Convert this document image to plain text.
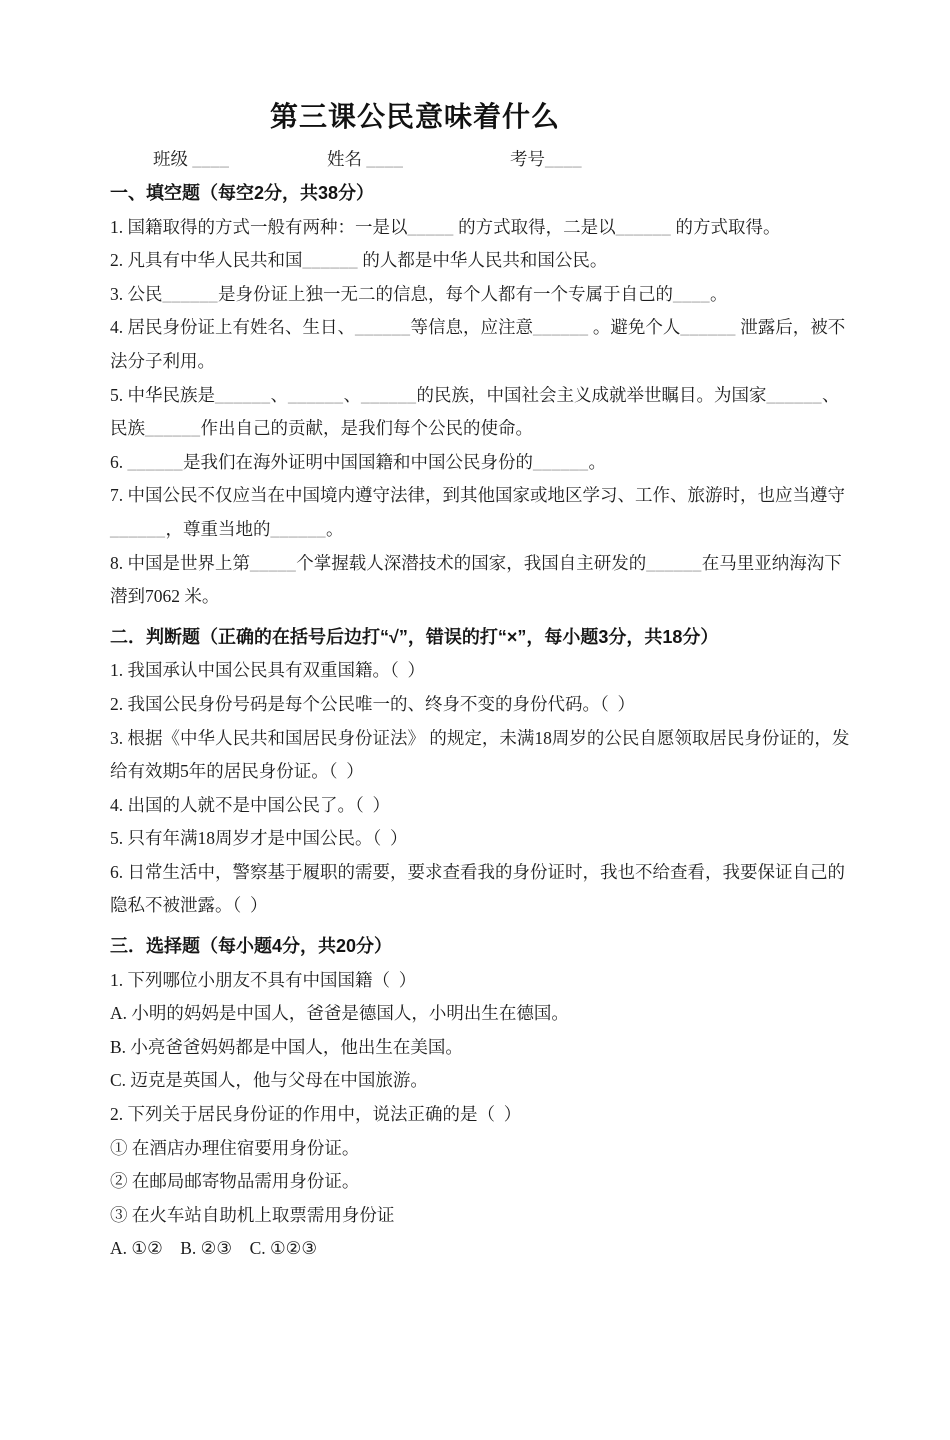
第三课公民意味着什么
班级 ____	姓名 ____	考号____
一、填空题（每空2分，共38分）

1. 国籍取得的方式一般有两种：一是以_____ 的方式取得，二是以______ 的方式取得。

2. 凡具有中华人民共和国______ 的人都是中华人民共和国公民。

3. 公民______是身份证上独一无二的信息，每个人都有一个专属于自己的____。

4. 居民身份证上有姓名、生日、______等信息，应注意______ 。避免个人______ 泄露后，被不法分子利用。

5. 中华民族是______、______、______的民族，中国社会主义成就举世瞩目。为国家______、民族______作出自己的贡献，是我们每个公民的使命。

6. ______是我们在海外证明中国国籍和中国公民身份的______。

7. 中国公民不仅应当在中国境内遵守法律，到其他国家或地区学习、工作、旅游时，也应当遵守______，尊重当地的______。

8. 中国是世界上第_____个掌握载人深潜技术的国家，我国自主研发的______在马里亚纳海沟下潜到7062 米。

二．判断题（正确的在括号后边打“√”，错误的打“×”，每小题3分，共18分）

1. 我国承认中国公民具有双重国籍。（  ）

2. 我国公民身份号码是每个公民唯一的、终身不变的身份代码。（  ）

3. 根据《中华人民共和国居民身份证法》 的规定，未满18周岁的公民自愿领取居民身份证的，发给有效期5年的居民身份证。（  ）

4. 出国的人就不是中国公民了。（  ）

5. 只有年满18周岁才是中国公民。（  ）

6. 日常生活中，警察基于履职的需要，要求查看我的身份证时，我也不给查看，我要保证自己的隐私不被泄露。（  ）

三．选择题（每小题4分，共20分）

1. 下列哪位小朋友不具有中国国籍（  ）

A. 小明的妈妈是中国人，爸爸是德国人，小明出生在德国。

B. 小亮爸爸妈妈都是中国人，他出生在美国。

C. 迈克是英国人，他与父母在中国旅游。

2. 下列关于居民身份证的作用中，说法正确的是（  ）

① 在酒店办理住宿要用身份证。

② 在邮局邮寄物品需用身份证。

③ 在火车站自助机上取票需用身份证

A. ①②    B. ②③    C. ①②③
